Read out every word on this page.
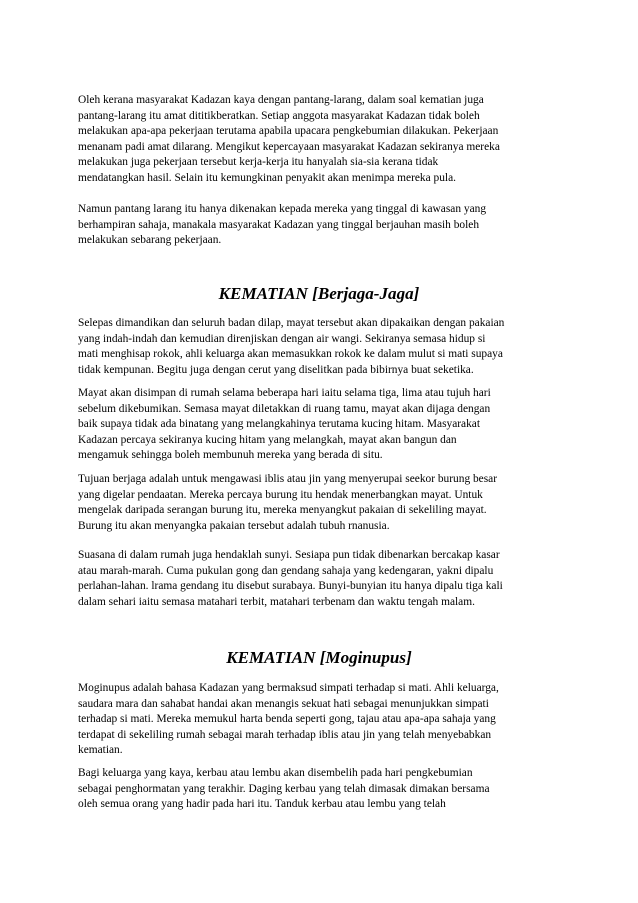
Oleh kerana masyarakat Kadazan kaya dengan pantang-larang, dalam soal kematian juga
pantang-larang itu amat dititikberatkan. Setiap anggota masyarakat Kadazan tidak boleh
melakukan apa-apa pekerjaan terutama apabila upacara pengkebumian dilakukan. Pekerjaan
menanam padi amat dilarang. Mengikut kepercayaan masyarakat Kadazan sekiranya mereka
melakukan juga pekerjaan tersebut kerja-kerja itu hanyalah sia-sia kerana tidak
mendatangkan hasil. Selain itu kemungkinan penyakit akan menimpa mereka pula.

Namun pantang larang itu hanya dikenakan kepada mereka yang tinggal di kawasan yang
berhampiran sahaja, manakala masyarakat Kadazan yang tinggal berjauhan masih boleh
melakukan sebarang pekerjaan.

KEMATIAN [Berjaga-Jaga]

Selepas dimandikan dan seluruh badan dilap, mayat tersebut akan dipakaikan dengan pakaian
yang indah-indah dan kemudian direnjiskan dengan air wangi. Sekiranya semasa hidup si
mati menghisap rokok, ahli keluarga akan memasukkan rokok ke dalam mulut si mati supaya
tidak kempunan. Begitu juga dengan cerut yang diselitkan pada bibirnya buat seketika.

Mayat akan disimpan di rumah selama beberapa hari iaitu selama tiga, lima atau tujuh hari
sebelum dikebumikan. Semasa mayat diletakkan di ruang tamu, mayat akan dijaga dengan
baik supaya tidak ada binatang yang melangkahinya terutama kucing hitam. Masyarakat
Kadazan percaya sekiranya kucing hitam yang melangkah, mayat akan bangun dan
mengamuk sehingga boleh membunuh mereka yang berada di situ.

Tujuan berjaga adalah untuk mengawasi iblis atau jin yang menyerupai seekor burung besar
yang digelar pendaatan. Mereka percaya burung itu hendak menerbangkan mayat. Untuk
mengelak daripada serangan burung itu, mereka menyangkut pakaian di sekeliling mayat.
Burung itu akan menyangka pakaian tersebut adalah tubuh rnanusia.

Suasana di dalam rumah juga hendaklah sunyi. Sesiapa pun tidak dibenarkan bercakap kasar
atau marah-marah. Cuma pukulan gong dan gendang sahaja yang kedengaran, yakni dipalu
perlahan-lahan. lrama gendang itu disebut surabaya. Bunyi-bunyian itu hanya dipalu tiga kali
dalam sehari iaitu semasa matahari terbit, matahari terbenam dan waktu tengah malam.

KEMATIAN [Moginupus]

Moginupus adalah bahasa Kadazan yang bermaksud simpati terhadap si mati. Ahli keluarga,
saudara mara dan sahabat handai akan menangis sekuat hati sebagai menunjukkan simpati
terhadap si mati. Mereka memukul harta benda seperti gong, tajau atau apa-apa sahaja yang
terdapat di sekeliling rumah sebagai marah terhadap iblis atau jin yang telah menyebabkan
kematian.

Bagi keluarga yang kaya, kerbau atau lembu akan disembelih pada hari pengkebumian
sebagai penghormatan yang terakhir. Daging kerbau yang telah dimasak dimakan bersama
oleh semua orang yang hadir pada hari itu. Tanduk kerbau atau lembu yang telah
